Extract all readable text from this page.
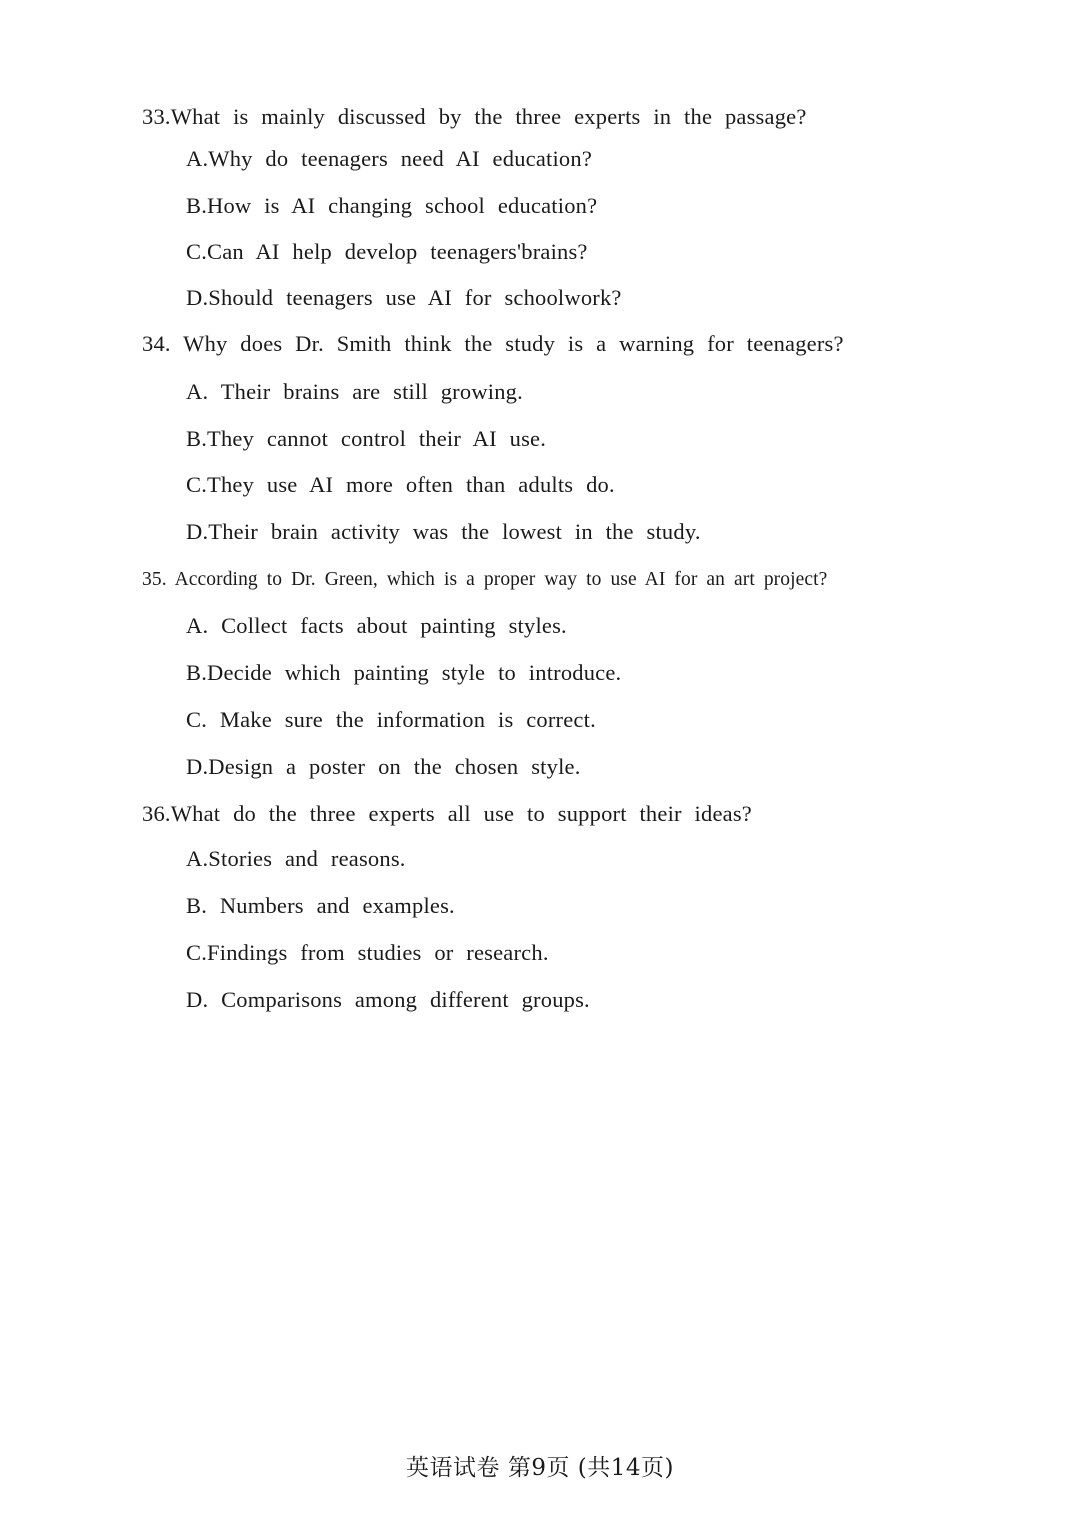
33.What is mainly discussed by the three experts in the passage?
A.Why do teenagers need AI education?
B.How is AI changing school education?
C.Can AI help develop teenagers'brains?
D.Should teenagers use AI for schoolwork?
34. Why does Dr. Smith think the study is a warning for teenagers?
A. Their brains are still growing.
B.They cannot control their AI use.
C.They use AI more often than adults do.
D.Their brain activity was the lowest in the study.
35. According to Dr. Green, which is a proper way to use AI for an art project?
A. Collect facts about painting styles.
B.Decide which painting style to introduce.
C. Make sure the information is correct.
D.Design a poster on the chosen style.
36.What do the three experts all use to support their ideas?
A.Stories and reasons.
B. Numbers and examples.
C.Findings from studies or research.
D. Comparisons among different groups.
英语试卷 第9页 (共14页)
